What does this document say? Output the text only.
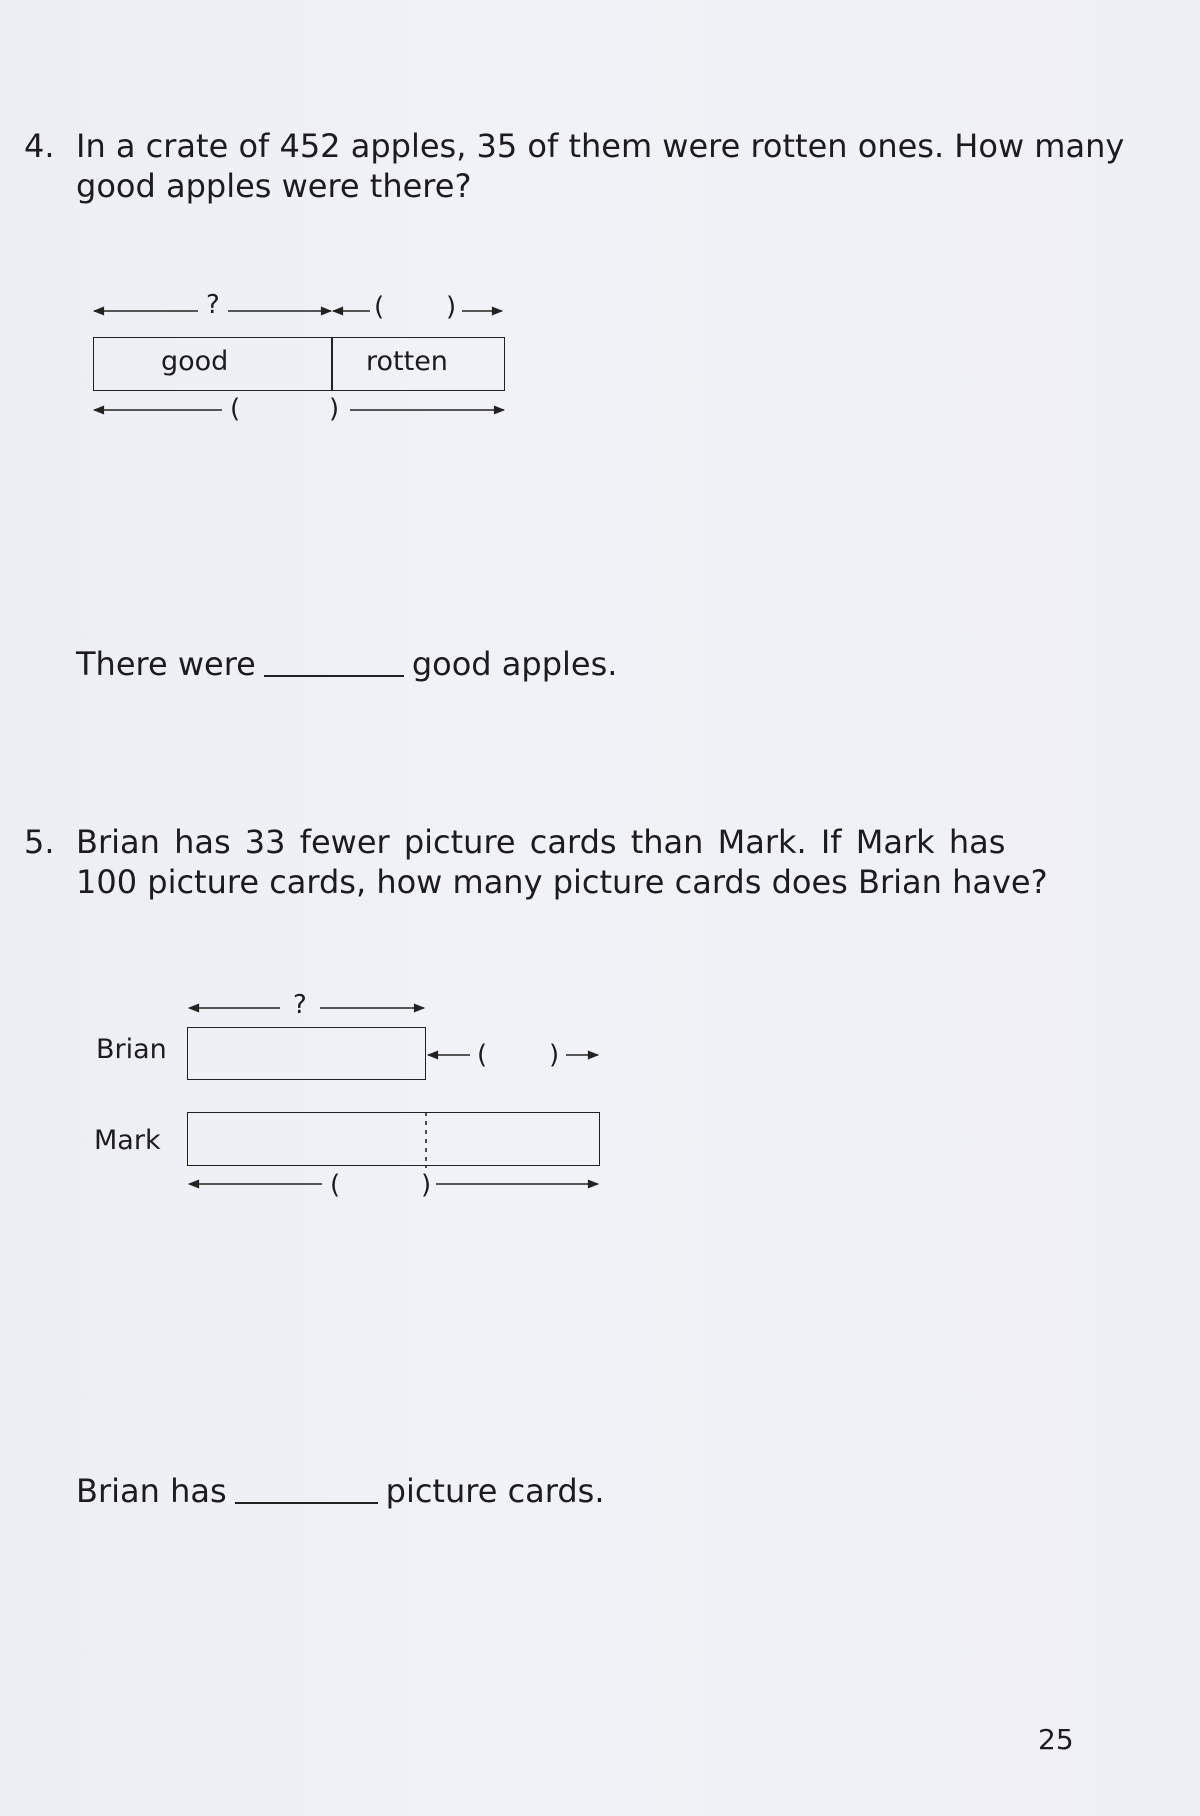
4. In a crate of 452 apples, 35 of them were rotten ones. How many
good apples were there?
?	( )
good	rotten
(	)
There were	good apples.
5. Brian has 33 fewer picture cards than Mark. If Mark has
100 picture cards, how many picture cards does Brian have?
?
Brian	( )
Mark
(	)
Brian has	picture cards.
25
